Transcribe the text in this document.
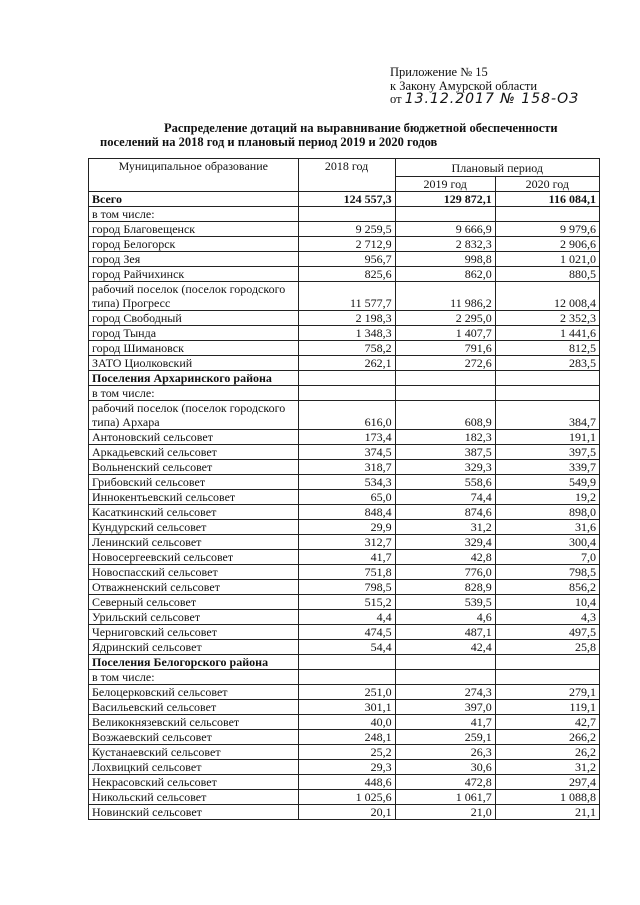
Приложение № 15
к Закону Амурской области
от 13.12.2017 № 158-ОЗ
Распределение дотаций на выравнивание бюджетной обеспеченности
поселений на 2018 год и плановый период 2019 и 2020 годов
Муниципальное образование	2018 год	Плановый период	
		2019 год	2020 год
Всего	124 557,3	129 872,1	116 084,1
в том числе:			
город Благовещенск	9 259,5	9 666,9	9 979,6
город Белогорск	2 712,9	2 832,3	2 906,6
город Зея	956,7	998,8	1 021,0
город Райчихинск	825,6	862,0	880,5
рабочий поселок (поселок городского типа) Прогресс	11 577,7	11 986,2	12 008,4
город Свободный	2 198,3	2 295,0	2 352,3
город Тында	1 348,3	1 407,7	1 441,6
город Шимановск	758,2	791,6	812,5
ЗАТО Циолковский	262,1	272,6	283,5
Поселения Архаринского района			
в том числе:			
рабочий поселок (поселок городского типа) Архара	616,0	608,9	384,7
Антоновский сельсовет	173,4	182,3	191,1
Аркадьевский сельсовет	374,5	387,5	397,5
Вольненский сельсовет	318,7	329,3	339,7
Грибовский сельсовет	534,3	558,6	549,9
Иннокентьевский сельсовет	65,0	74,4	19,2
Касаткинский сельсовет	848,4	874,6	898,0
Кундурский сельсовет	29,9	31,2	31,6
Ленинский сельсовет	312,7	329,4	300,4
Новосергеевский сельсовет	41,7	42,8	7,0
Новоспасский сельсовет	751,8	776,0	798,5
Отважненский сельсовет	798,5	828,9	856,2
Северный сельсовет	515,2	539,5	10,4
Урильский сельсовет	4,4	4,6	4,3
Черниговский сельсовет	474,5	487,1	497,5
Ядринский сельсовет	54,4	42,4	25,8
Поселения Белогорского района			
в том числе:			
Белоцерковский сельсовет	251,0	274,3	279,1
Васильевский сельсовет	301,1	397,0	119,1
Великокнязевский сельсовет	40,0	41,7	42,7
Возжаевский сельсовет	248,1	259,1	266,2
Кустанаевский сельсовет	25,2	26,3	26,2
Лохвицкий сельсовет	29,3	30,6	31,2
Некрасовский сельсовет	448,6	472,8	297,4
Никольский сельсовет	1 025,6	1 061,7	1 088,8
Новинский сельсовет	20,1	21,0	21,1
